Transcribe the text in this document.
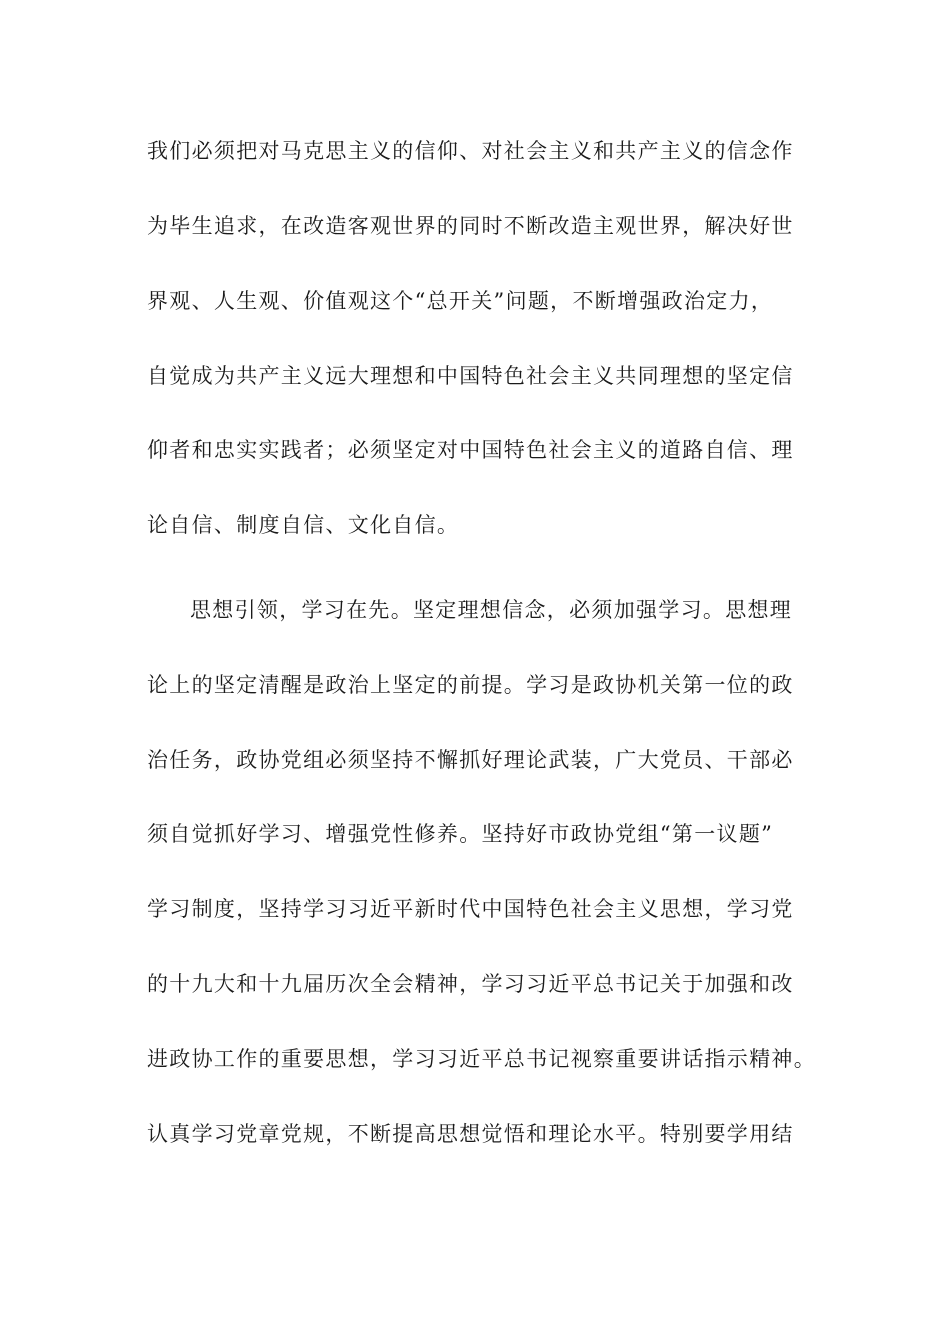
我们必须把对马克思主义的信仰、对社会主义和共产主义的信念作
为毕生追求，在改造客观世界的同时不断改造主观世界，解决好世
界观、人生观、价值观这个“总开关”问题，不断增强政治定力，
自觉成为共产主义远大理想和中国特色社会主义共同理想的坚定信
仰者和忠实实践者；必须坚定对中国特色社会主义的道路自信、理
论自信、制度自信、文化自信。
思想引领，学习在先。坚定理想信念，必须加强学习。思想理
论上的坚定清醒是政治上坚定的前提。学习是政协机关第一位的政
治任务，政协党组必须坚持不懈抓好理论武装，广大党员、干部必
须自觉抓好学习、增强党性修养。坚持好市政协党组“第一议题”
学习制度，坚持学习习近平新时代中国特色社会主义思想，学习党
的十九大和十九届历次全会精神，学习习近平总书记关于加强和改
进政协工作的重要思想，学习习近平总书记视察重要讲话指示精神。
认真学习党章党规，不断提高思想觉悟和理论水平。特别要学用结
